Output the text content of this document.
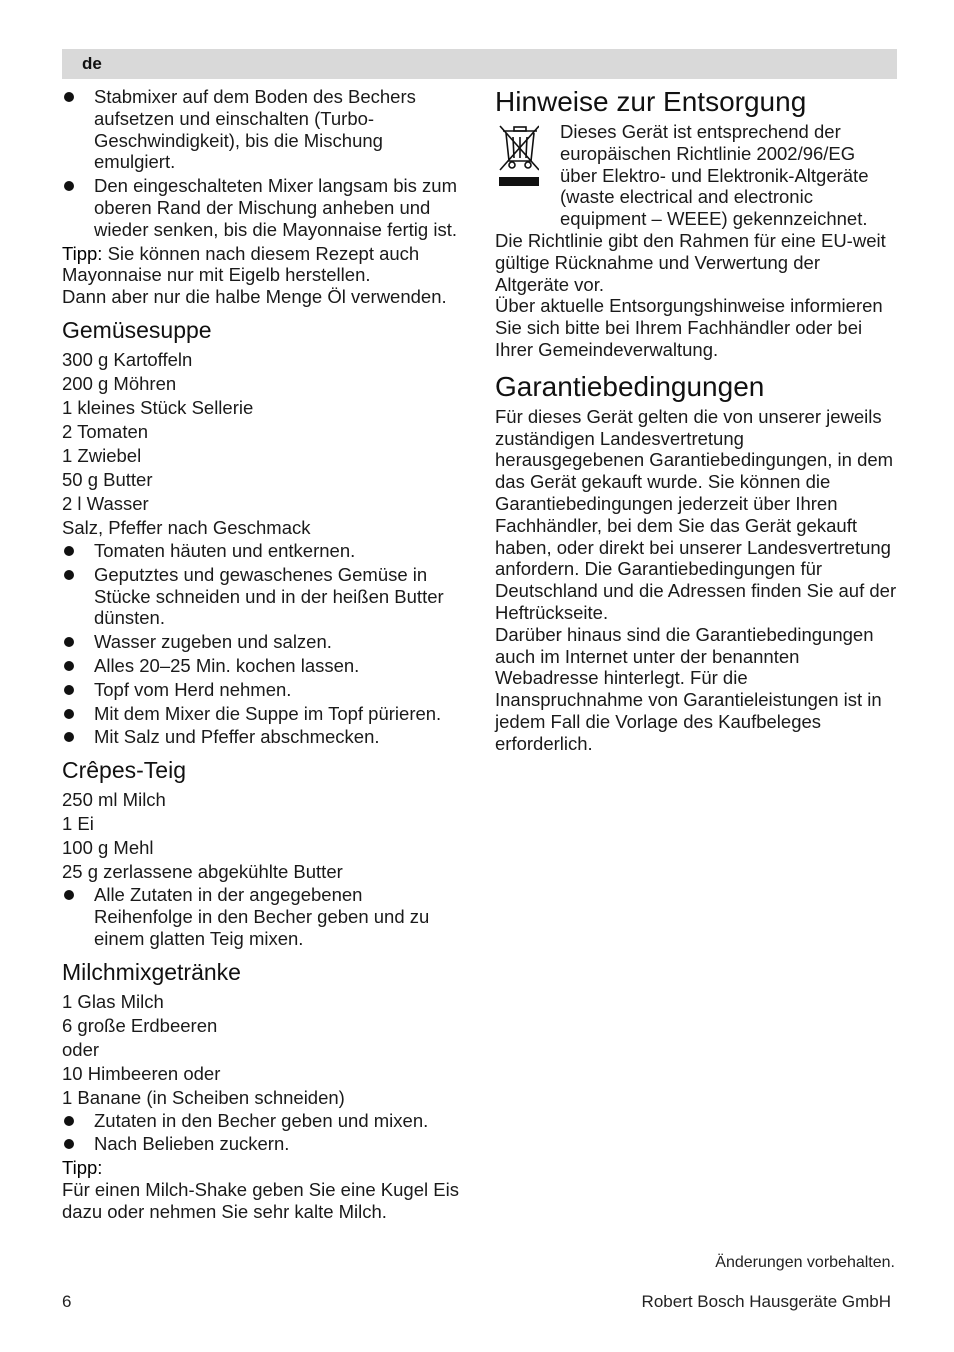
de
Stabmixer auf dem Boden des Bechers aufsetzen und einschalten (Turbo-Geschwindigkeit), bis die Mischung emulgiert.
Den eingeschalteten Mixer langsam bis zum oberen Rand der Mischung anheben und wieder senken, bis die Mayonnaise fertig ist.

Tipp: Sie können nach diesem Rezept auch Mayonnaise nur mit Eigelb herstellen.

Dann aber nur die halbe Menge Öl verwenden.

Gemüsesuppe

300 g Kartoffeln

200 g Möhren

1 kleines Stück Sellerie

2 Tomaten

1 Zwiebel

50 g Butter

2 l Wasser

Salz, Pfeffer nach Geschmack

Tomaten häuten und entkernen.
Geputztes und gewaschenes Gemüse in Stücke schneiden und in der heißen Butter dünsten.
Wasser zugeben und salzen.
Alles 20–25 Min. kochen lassen.
Topf vom Herd nehmen.
Mit dem Mixer die Suppe im Topf pürieren.
Mit Salz und Pfeffer abschmecken.
Crêpes-Teig

250 ml Milch

1 Ei

100 g Mehl

25 g zerlassene abgekühlte Butter

Alle Zutaten in der angegebenen Reihenfolge in den Becher geben und zu einem glatten Teig mixen.
Milchmixgetränke

1 Glas Milch

6 große Erdbeeren

oder

10 Himbeeren oder

1 Banane (in Scheiben schneiden)

Zutaten in den Becher geben und mixen.
Nach Belieben zuckern.

Tipp:

Für einen Milch-Shake geben Sie eine Kugel Eis dazu oder nehmen Sie sehr kalte Milch.

Hinweise zur Entsorgung

Dieses Gerät ist entsprechend der europäischen Richtlinie 2002/96/EG über Elektro- und Elektronik-Altgeräte (waste electrical and electronic equipment – WEEE) gekennzeichnet.

Die Richtlinie gibt den Rahmen für eine EU-weit gültige Rücknahme und Verwertung der Altgeräte vor.

Über aktuelle Entsorgungshinweise informieren Sie sich bitte bei Ihrem Fachhändler oder bei Ihrer Gemeindeverwaltung.

Garantiebedingungen

Für dieses Gerät gelten die von unserer jeweils zuständigen Landesvertretung herausgegebenen Garantiebedingungen, in dem das Gerät gekauft wurde. Sie können die Garantiebedingungen jederzeit über Ihren Fachhändler, bei dem Sie das Gerät gekauft haben, oder direkt bei unserer Landesvertretung anfordern. Die Garantiebedingungen für Deutschland und die Adressen finden Sie auf der Heftrückseite.

Darüber hinaus sind die Garantiebedingungen auch im Internet unter der benannten Webadresse hinterlegt. Für die Inanspruchnahme von Garantieleistungen ist in jedem Fall die Vorlage des Kaufbeleges erforderlich.

Änderungen vorbehalten.
6	Robert Bosch Hausgeräte GmbH
